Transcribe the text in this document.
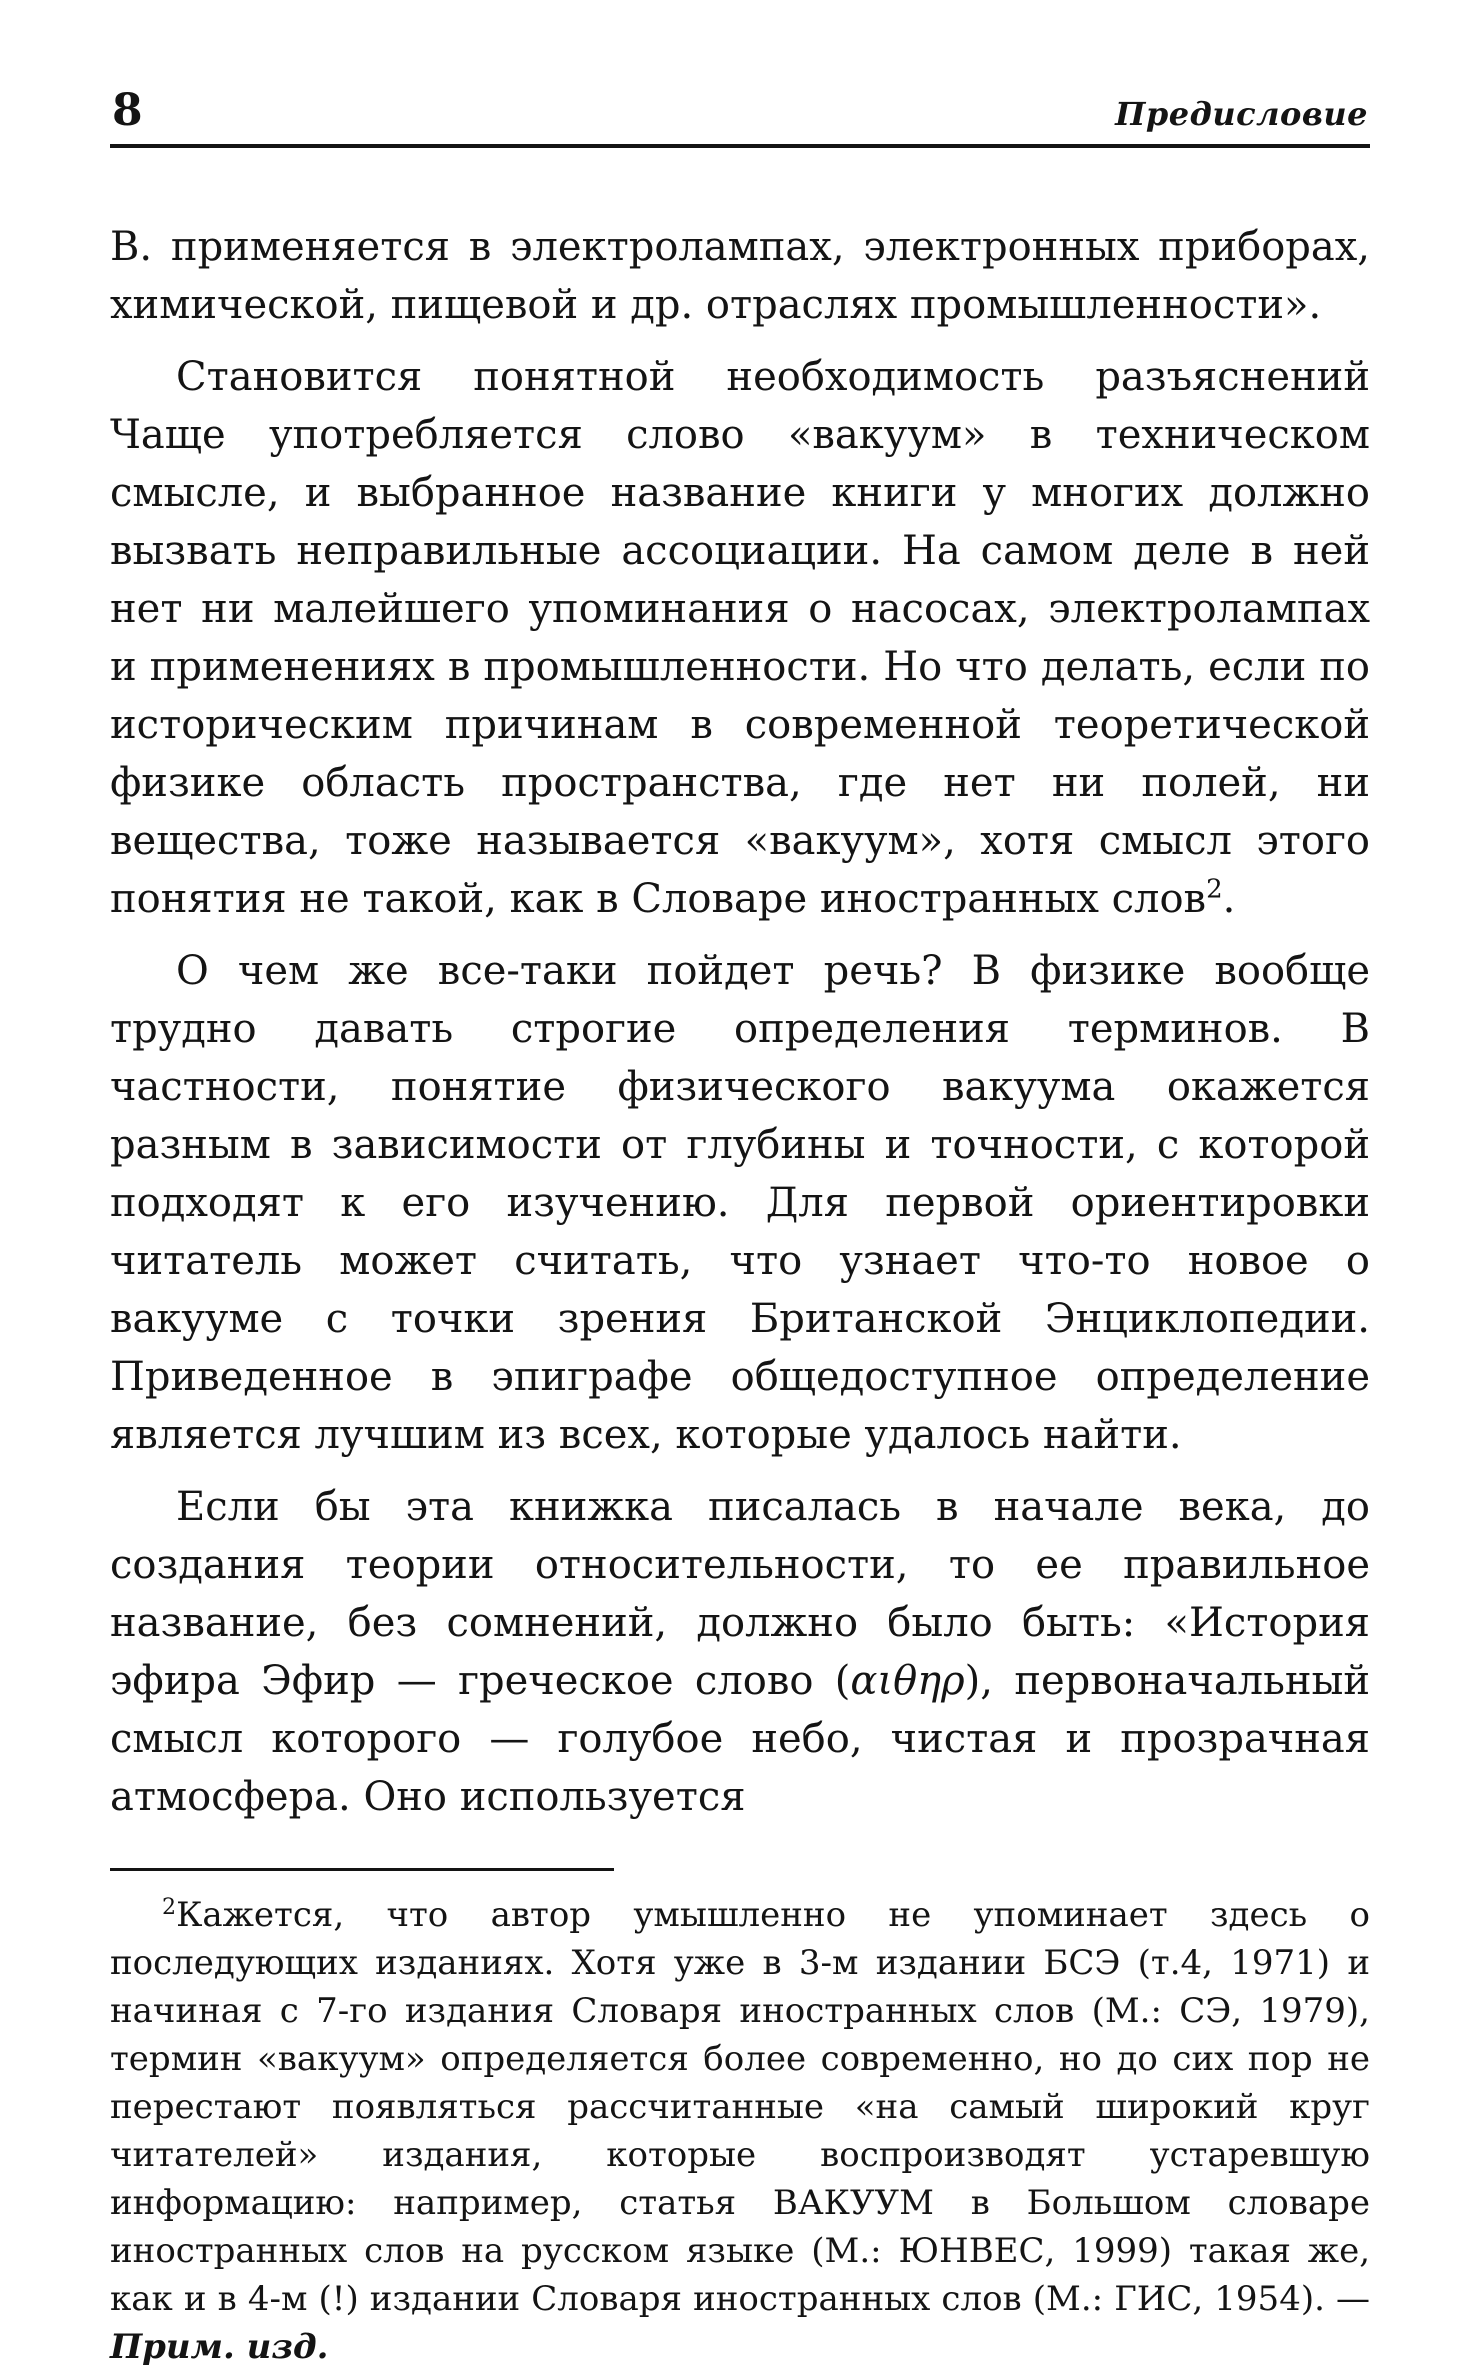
8	Предисловие

В. применяется в электролампах, электронных приборах, химической, пищевой и др. отраслях промышленности».

Становится понятной необходимость разъяснений Чаще употребляется слово «вакуум» в техническом смысле, и выбранное название книги у многих должно вызвать неправильные ассоциации. На самом деле в ней нет ни малейшего упоминания о насосах, электролампах и применениях в промышленности. Но что делать, если по историческим причинам в современной теоретической физике область пространства, где нет ни полей, ни вещества, тоже называется «вакуум», хотя смысл этого понятия не такой, как в Словаре иностранных слов$^2$.

О чем же все-таки пойдет речь? В физике вообще трудно давать строгие определения терминов. В частности, понятие физического вакуума окажется разным в зависимости от глубины и точности, с которой подходят к его изучению. Для первой ориентировки читатель может считать, что узнает что-то новое о вакууме с точки зрения Британской Энциклопедии. Приведенное в эпиграфе общедоступное определение является лучшим из всех, которые удалось найти.

Если бы эта книжка писалась в начале века, до создания теории относительности, то ее правильное название, без сомнений, должно было быть: «История эфира Эфир — греческое слово (αιθηρ), первоначальный смысл которого — голубое небо, чистая и прозрачная атмосфера. Оно используется

$^2$Кажется, что автор умышленно не упоминает здесь о последующих изданиях. Хотя уже в 3-м издании БСЭ (т.4, 1971) и начиная с 7-го издания Словаря иностранных слов (М.: СЭ, 1979), термин «вакуум» определяется более современно, но до сих пор не перестают появляться рассчитанные «на самый широкий круг читателей» издания, которые воспроизводят устаревшую информацию: например, статья ВАКУУМ в Большом словаре иностранных слов на русском языке (М.: ЮНВЕС, 1999) такая же, как и в 4-м (!) издании Словаря иностранных слов (М.: ГИС, 1954). — Прим. изд.
